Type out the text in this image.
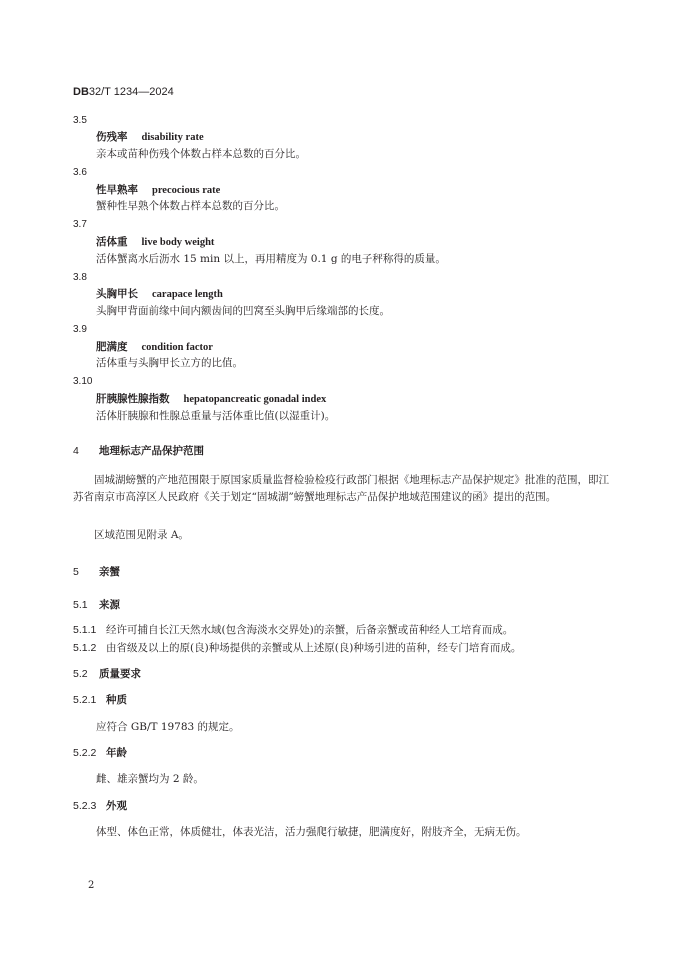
DB32/T 1234—2024
3.5
伤残率 disability rate
亲本或苗种伤残个体数占样本总数的百分比。
3.6
性早熟率 precocious rate
蟹种性早熟个体数占样本总数的百分比。
3.7
活体重 live body weight
活体蟹离水后沥水 15 min 以上，再用精度为 0.1 g 的电子秤称得的质量。
3.8
头胸甲长 carapace length
头胸甲背面前缘中间内额齿间的凹窝至头胸甲后缘端部的长度。
3.9
肥满度 condition factor
活体重与头胸甲长立方的比值。
3.10
肝胰腺性腺指数 hepatopancreatic gonadal index
活体肝胰腺和性腺总重量与活体重比值(以湿重计)。
4 地理标志产品保护范围
固城湖螃蟹的产地范围限于原国家质量监督检验检疫行政部门根据《地理标志产品保护规定》批准的范围，即江苏省南京市高淳区人民政府《关于划定“固城湖”螃蟹地理标志产品保护地域范围建议的函》提出的范围。
区域范围见附录 A。
5 亲蟹
5.1 来源
5.1.1 经许可捕自长江天然水域(包含海淡水交界处)的亲蟹，后备亲蟹或苗种经人工培育而成。
5.1.2 由省级及以上的原(良)种场提供的亲蟹或从上述原(良)种场引进的苗种，经专门培育而成。
5.2 质量要求
5.2.1 种质
应符合 GB/T 19783 的规定。
5.2.2 年龄
雌、雄亲蟹均为 2 龄。
5.2.3 外观
体型、体色正常，体质健壮，体表光洁，活力强爬行敏捷，肥满度好，附肢齐全，无病无伤。
2
